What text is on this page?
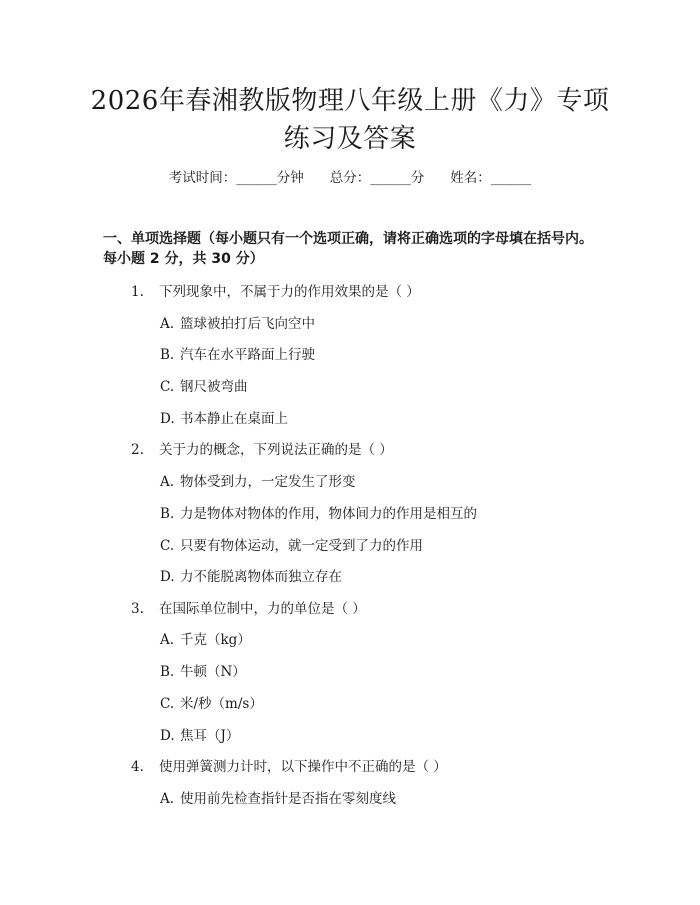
2026年春湘教版物理八年级上册《力》专项
练习及答案
考试时间：______分钟 总分：______分 姓名：______
一、单项选择题（每小题只有一个选项正确，请将正确选项的字母填在括号内。
每小题 2 分，共 30 分）
1. 下列现象中，不属于力的作用效果的是（ ）
A. 篮球被拍打后飞向空中
B. 汽车在水平路面上行驶
C. 钢尺被弯曲
D. 书本静止在桌面上
2. 关于力的概念，下列说法正确的是（ ）
A. 物体受到力，一定发生了形变
B. 力是物体对物体的作用，物体间力的作用是相互的
C. 只要有物体运动，就一定受到了力的作用
D. 力不能脱离物体而独立存在
3. 在国际单位制中，力的单位是（ ）
A. 千克（kg）
B. 牛顿（N）
C. 米/秒（m/s）
D. 焦耳（J）
4. 使用弹簧测力计时，以下操作中不正确的是（ ）
A. 使用前先检查指针是否指在零刻度线
